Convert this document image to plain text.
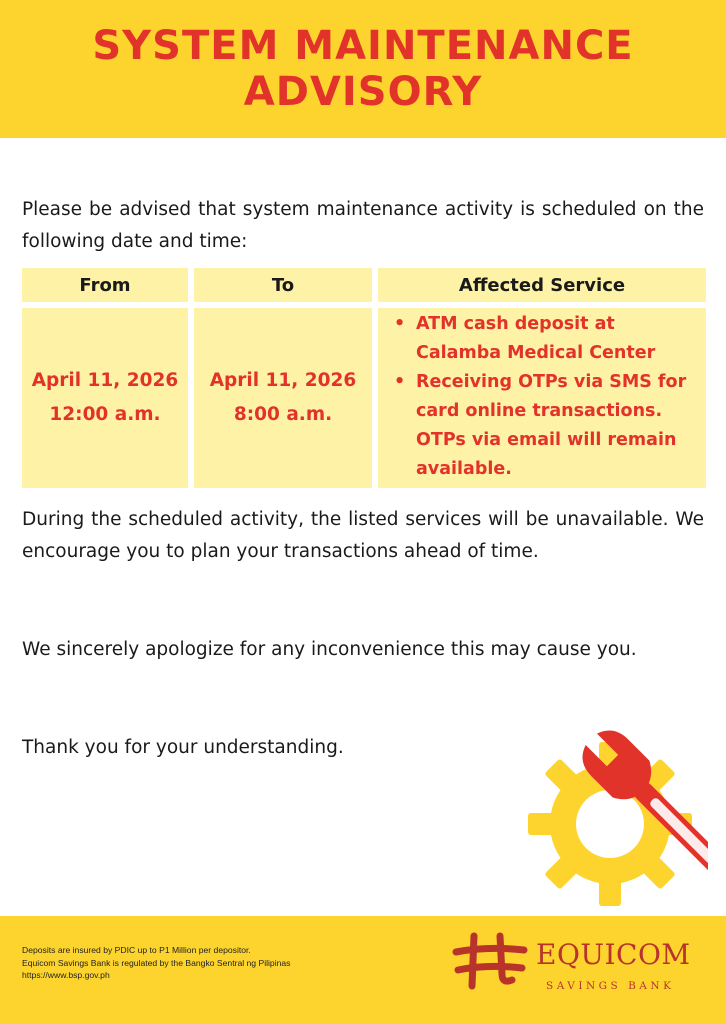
SYSTEM MAINTENANCE
ADVISORY
Please be advised that system maintenance activity is scheduled on the following date and time:
From	To	Affected Service
April 11, 2026
12:00 a.m.
April 11, 2026
8:00 a.m.
• ATM cash deposit at Calamba Medical Center
• Receiving OTPs via SMS for card online transactions. OTPs via email will remain available.
During the scheduled activity, the listed services will be unavailable. We encourage you to plan your transactions ahead of time.
We sincerely apologize for any inconvenience this may cause you.
Thank you for your understanding.
Deposits are insured by PDIC up to P1 Million per depositor.
Equicom Savings Bank is regulated by the Bangko Sentral ng Pilipinas
https://www.bsp.gov.ph
EQUICOM
SAVINGS BANK
